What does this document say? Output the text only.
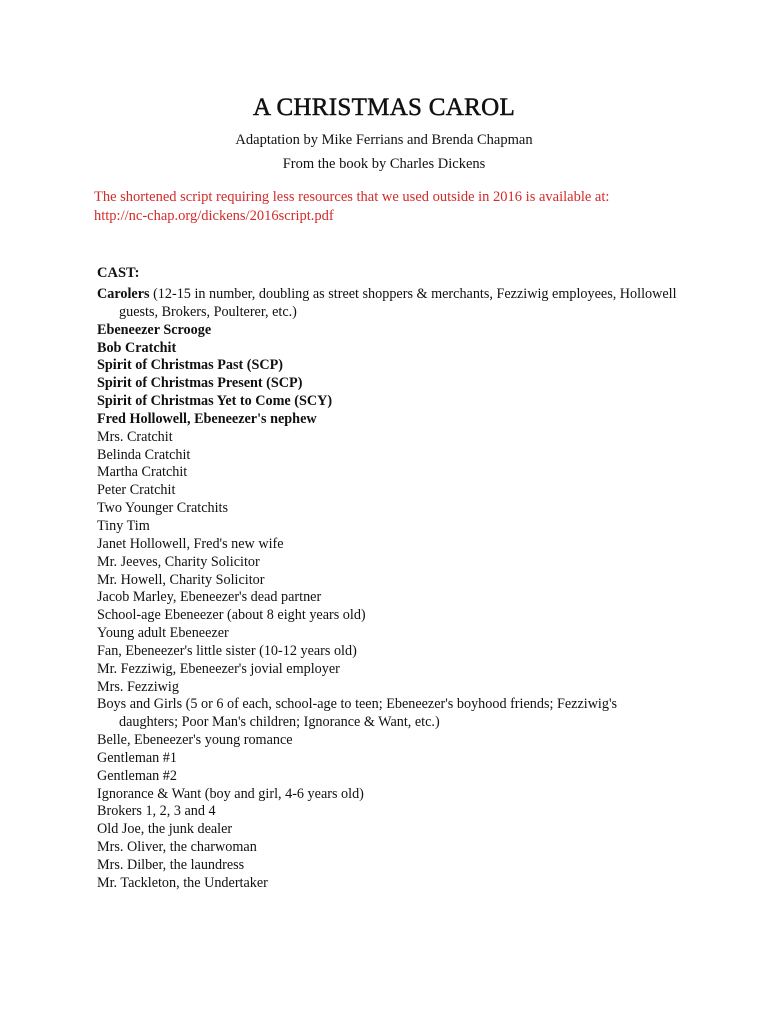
A CHRISTMAS CAROL

Adaptation by Mike Ferrians and Brenda Chapman

From the book by Charles Dickens

The shortened script requiring less resources that we used outside in 2016 is available at:
http://nc-chap.org/dickens/2016script.pdf

CAST:

Carolers (12-15 in number, doubling as street shoppers & merchants, Fezziwig employees, Hollowell guests, Brokers, Poulterer, etc.)
Ebeneezer Scrooge
Bob Cratchit
Spirit of Christmas Past (SCP)
Spirit of Christmas Present (SCP)
Spirit of Christmas Yet to Come (SCY)
Fred Hollowell, Ebeneezer's nephew
Mrs. Cratchit
Belinda Cratchit
Martha Cratchit
Peter Cratchit
Two Younger Cratchits
Tiny Tim
Janet Hollowell, Fred's new wife
Mr. Jeeves, Charity Solicitor
Mr. Howell, Charity Solicitor
Jacob Marley, Ebeneezer's dead partner
School-age Ebeneezer (about 8 eight years old)
Young adult Ebeneezer
Fan, Ebeneezer's little sister (10-12 years old)
Mr. Fezziwig, Ebeneezer's jovial employer
Mrs. Fezziwig
Boys and Girls (5 or 6 of each, school-age to teen; Ebeneezer's boyhood friends; Fezziwig's daughters; Poor Man's children; Ignorance & Want, etc.)
Belle, Ebeneezer's young romance
Gentleman #1
Gentleman #2
Ignorance & Want (boy and girl, 4-6 years old)
Brokers 1, 2, 3 and 4
Old Joe, the junk dealer
Mrs. Oliver, the charwoman
Mrs. Dilber, the laundress
Mr. Tackleton, the Undertaker
